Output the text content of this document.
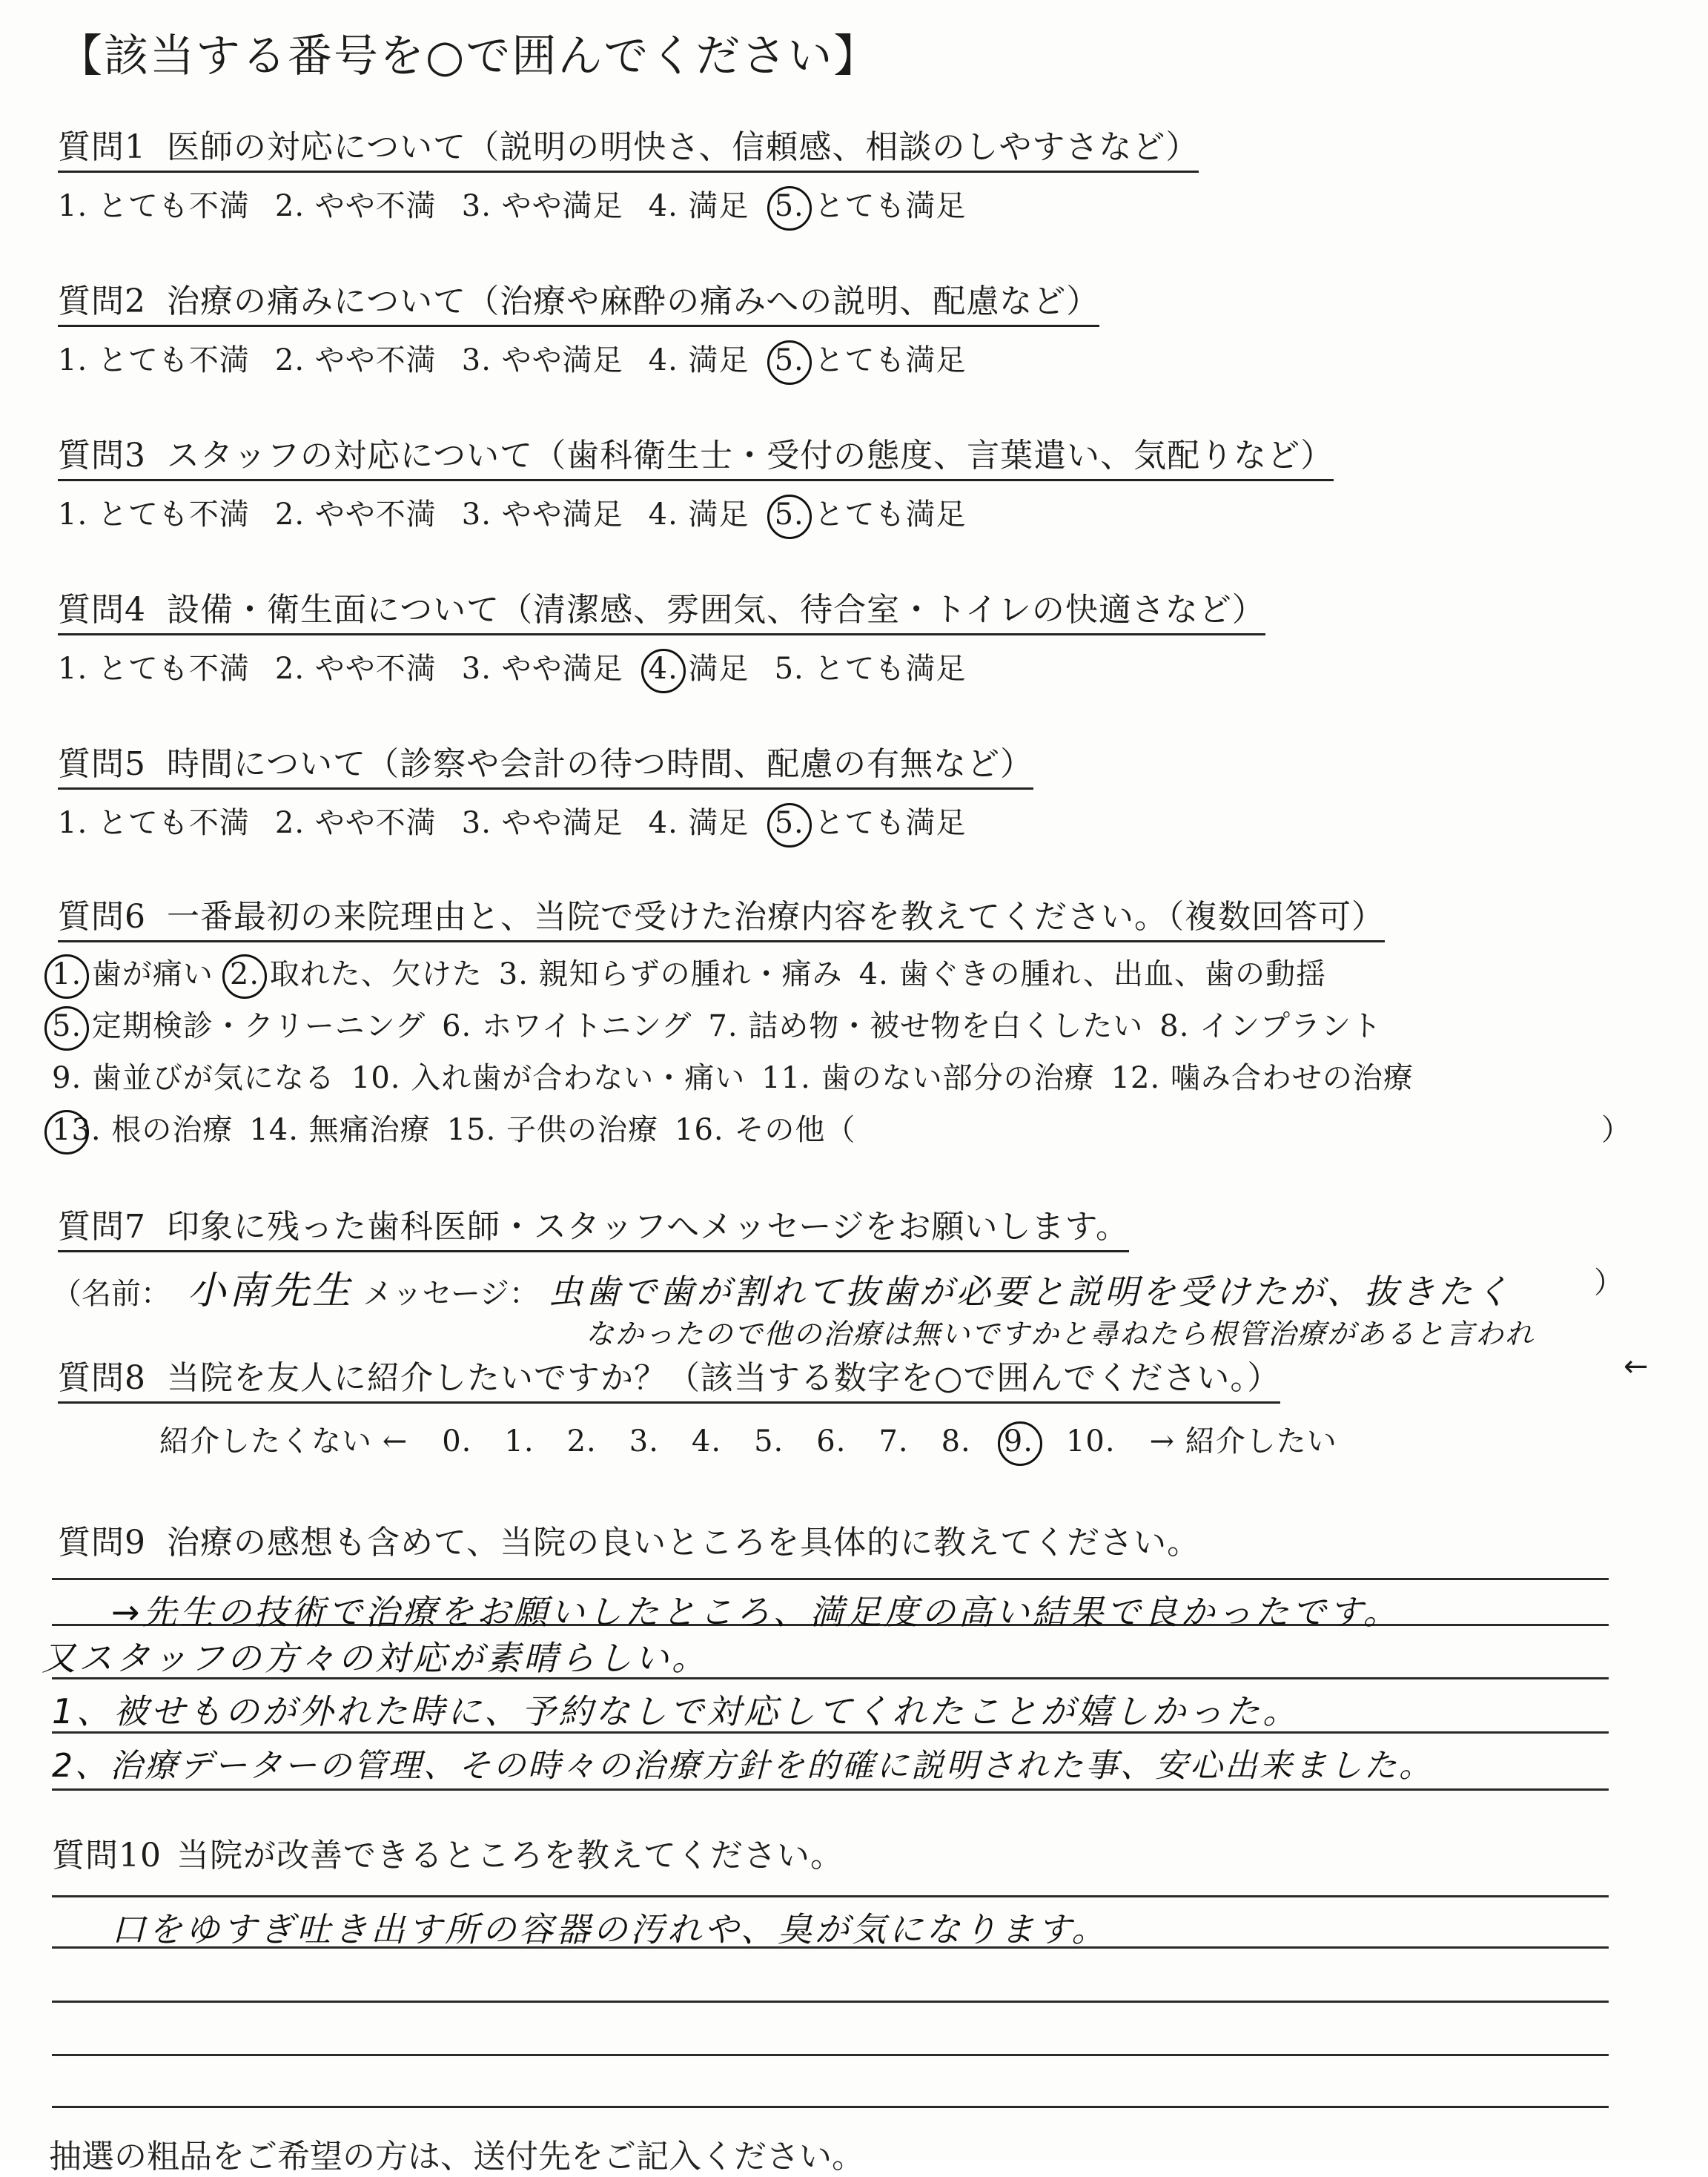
【該当する番号を○で囲んでください】
質問1 医師の対応について（説明の明快さ、信頼感、相談のしやすさなど）
1. とても不満 2. やや不満 3. やや満足 4. 満足 5. とても満足
質問2 治療の痛みについて（治療や麻酔の痛みへの説明、配慮など）
1. とても不満 2. やや不満 3. やや満足 4. 満足 5. とても満足
質問3 スタッフの対応について（歯科衛生士・受付の態度、言葉遣い、気配りなど）
1. とても不満 2. やや不満 3. やや満足 4. 満足 5. とても満足
質問4 設備・衛生面について（清潔感、雰囲気、待合室・トイレの快適さなど）
1. とても不満 2. やや不満 3. やや満足 4. 満足 5. とても満足
質問5 時間について（診察や会計の待つ時間、配慮の有無など）
1. とても不満 2. やや不満 3. やや満足 4. 満足 5. とても満足
質問6 一番最初の来院理由と、当院で受けた治療内容を教えてください。（複数回答可）
1. 歯が痛い 2. 取れた、欠けた 3. 親知らずの腫れ・痛み 4. 歯ぐきの腫れ、出血、歯の動揺
5. 定期検診・クリーニング 6. ホワイトニング 7. 詰め物・被せ物を白くしたい 8. インプラント
9. 歯並びが気になる 10. 入れ歯が合わない・痛い 11. 歯のない部分の治療 12. 噛み合わせの治療
13. 根の治療 14. 無痛治療 15. 子供の治療 16. その他（	）
質問7 印象に残った歯科医師・スタッフへメッセージをお願いします。
（名前： 小南先生 メッセージ： 虫歯で歯が割れて抜歯が必要と説明を受けたが、抜きたく	）
なかったので他の治療は無いですかと尋ねたら根管治療があると言われ
←
質問8 当院を友人に紹介したいですか？（該当する数字を○で囲んでください。）
紹介したくない ← 0. 1. 2. 3. 4. 5. 6. 7. 8. 9. 10. → 紹介したい
質問9 治療の感想も含めて、当院の良いところを具体的に教えてください。
→先生の技術で治療をお願いしたところ、満足度の高い結果で良かったです。
又スタッフの方々の対応が素晴らしい。
1、被せものが外れた時に、予約なしで対応してくれたことが嬉しかった。
2、治療データーの管理、その時々の治療方針を的確に説明された事、安心出来ました。
質問10 当院が改善できるところを教えてください。
口をゆすぎ吐き出す所の容器の汚れや、臭が気になります。
抽選の粗品をご希望の方は、送付先をご記入ください。
